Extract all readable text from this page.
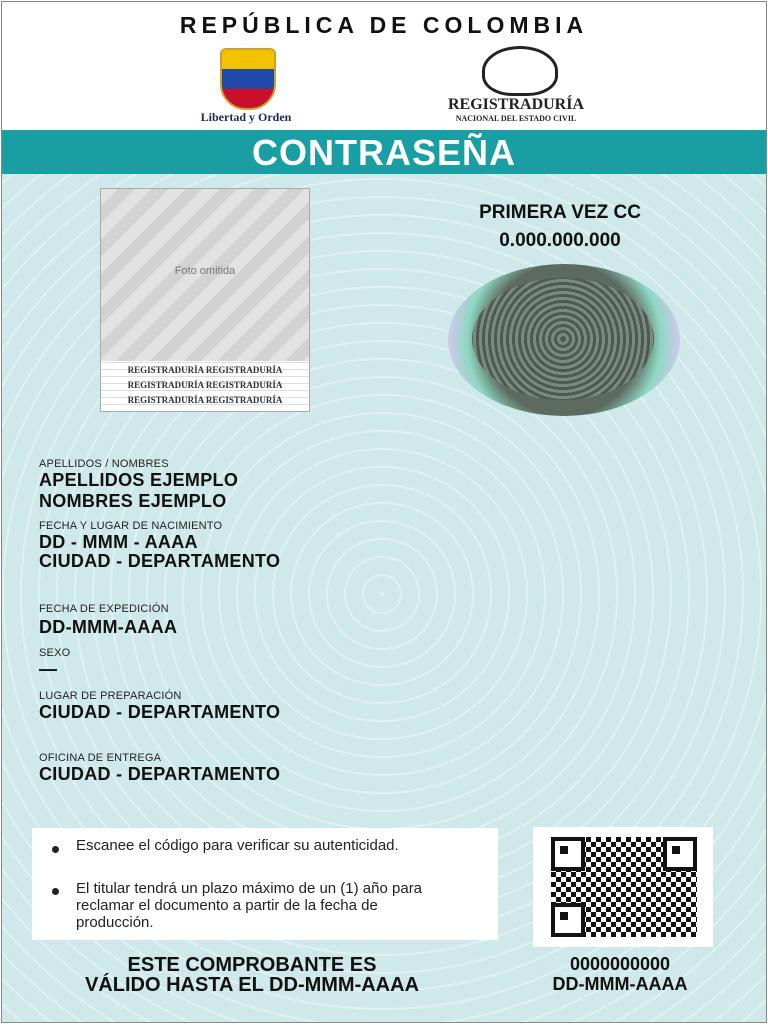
REPÚBLICA DE COLOMBIA
Libertad y Orden
REGISTRADURÍA
NACIONAL DEL ESTADO CIVIL
CONTRASEÑA
Foto omitida
REGISTRADURÍA REGISTRADURÍA
REGISTRADURÍA REGISTRADURÍA
REGISTRADURÍA REGISTRADURÍA
PRIMERA VEZ CC
0.000.000.000
APELLIDOS / NOMBRES
APELLIDOS EJEMPLO
NOMBRES EJEMPLO
FECHA Y LUGAR DE NACIMIENTO
DD - MMM - AAAA
CIUDAD - DEPARTAMENTO
FECHA DE EXPEDICIÓN
DD-MMM-AAAA
SEXO
—
LUGAR DE PREPARACIÓN
CIUDAD - DEPARTAMENTO
OFICINA DE ENTREGA
CIUDAD - DEPARTAMENTO
Escanee el código para verificar su autenticidad.
El titular tendrá un plazo máximo de un (1) año para reclamar el documento a partir de la fecha de producción.
ESTE COMPROBANTE ES
VÁLIDO HASTA EL DD-MMM-AAAA
0000000000
DD-MMM-AAAA
